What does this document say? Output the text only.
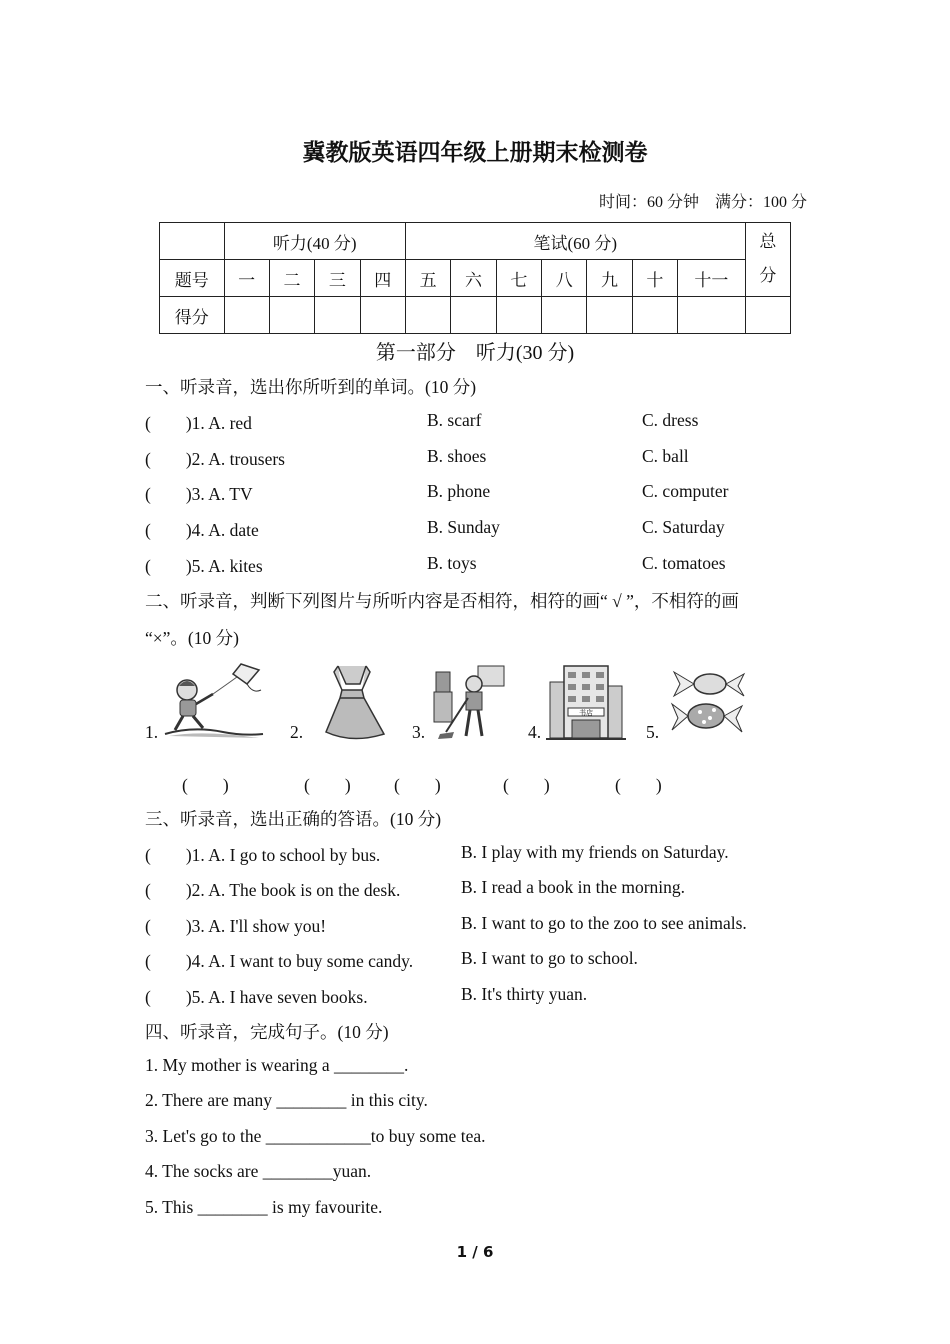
冀教版英语四年级上册期末检测卷
时间：60 分钟　满分：100 分
	听力(40 分)				笔试(60 分)							总
分
题号	一	二	三	四	五	六	七	八	九	十	十一	
得分												
第一部分　听力(30 分)
一、听录音，选出你所听到的单词。(10 分)
(　　)1. A. red	B. scarf	C. dress
(　　)2. A. trousers	B. shoes	C. ball
(　　)3. A. TV	B. phone	C. computer
(　　)4. A. date	B. Sunday	C. Saturday
(　　)5. A. kites	B. toys	C. tomatoes
二、听录音，判断下列图片与所听内容是否相符，相符的画“ √ ”，不相符的画
“×”。(10 分)
1.	2.	3.	4.
书店
5.
(　　)	(　　) (　　)	(　　)	(　　)
三、听录音，选出正确的答语。(10 分)
(　　)1. A. I go to school by bus.	B. I play with my friends on Saturday.
(　　)2. A. The book is on the desk.	B. I read a book in the morning.
(　　)3. A. I'll show you!	B. I want to go to the zoo to see animals.
(　　)4. A. I want to buy some candy.	B. I want to go to school.
(　　)5. A. I have seven books.	B. It's thirty yuan.
四、听录音，完成句子。(10 分)
1. My mother is wearing a ________.
2. There are many ________ in this city.
3. Let's go to the ____________to buy some tea.
4. The socks are ________yuan.
5. This ________ is my favourite.
1 / 6
